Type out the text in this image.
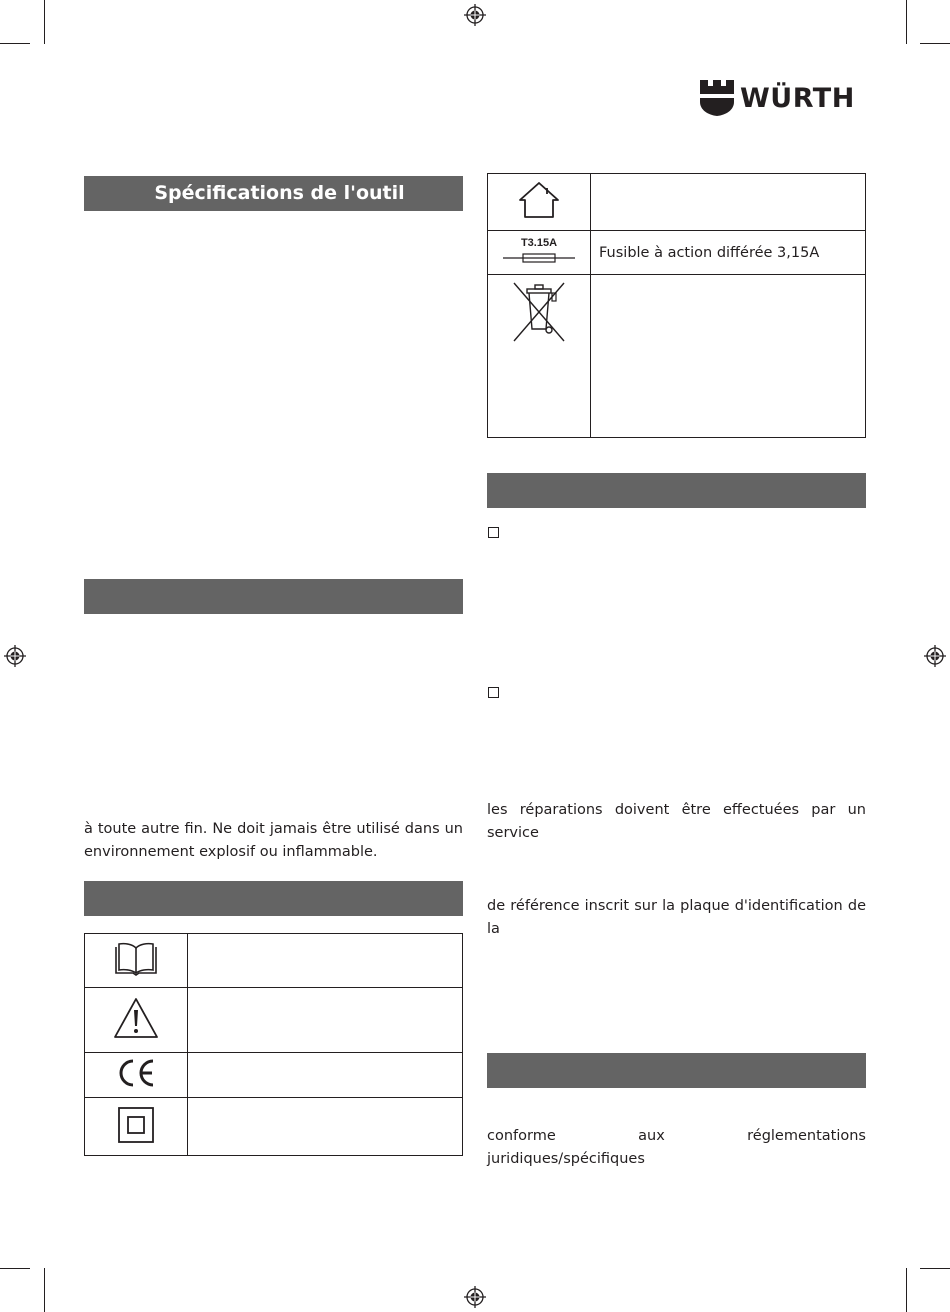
WÜRTH
Spécifications de l'outil
à toute autre fin. Ne doit jamais être utilisé dans un
environnement explosif ou inflammable.

T3.15A	Fusible à action différée 3,15A

les réparations doivent être effectuées par un service
de référence inscrit sur la plaque d'identification de la
conforme aux réglementations juridiques/spécifiques
